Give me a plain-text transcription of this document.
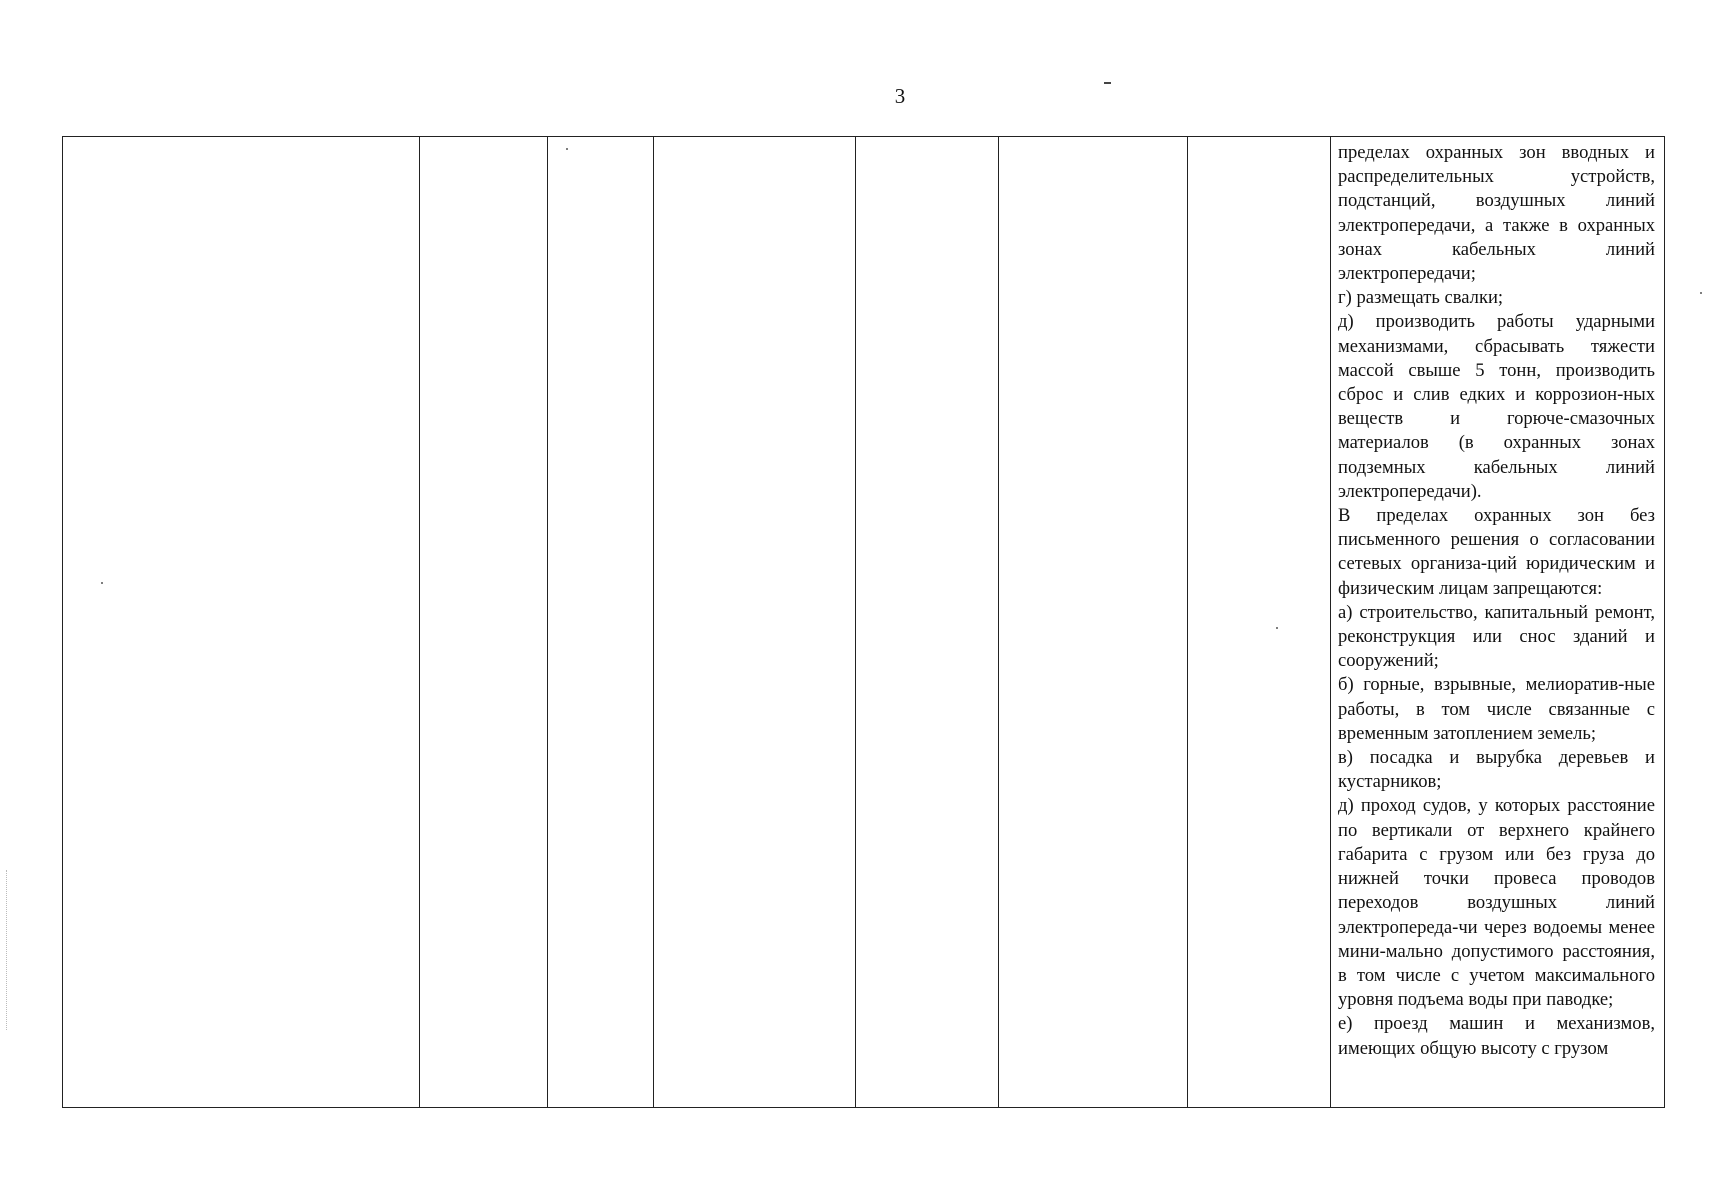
3

пределах охранных зон вводных и распределительных устройств, подстанций, воздушных линий электропередачи, а также в охранных зонах кабельных линий электропередачи;

г) размещать свалки;

д) производить работы ударными механизмами, сбрасывать тяжести массой свыше 5 тонн, производить сброс и слив едких и коррозион-ных веществ и горюче-смазочных материалов (в охранных зонах подземных кабельных линий электропередачи).

В пределах охранных зон без письменного решения о согласовании сетевых организа-ций юридическим и физическим лицам запрещаются:

а) строительство, капитальный ремонт, реконструкция или снос зданий и сооружений;

б) горные, взрывные, мелиоратив-ные работы, в том числе связанные с временным затоплением земель;

в) посадка и вырубка деревьев и кустарников;

д) проход судов, у которых расстояние по вертикали от верхнего крайнего габарита с грузом или без груза до нижней точки провеса проводов переходов воздушных линий электропереда-чи через водоемы менее мини-мально допустимого расстояния, в том числе с учетом максимального уровня подъема воды при паводке;

е) проезд машин и механизмов, имеющих общую высоту с грузом
